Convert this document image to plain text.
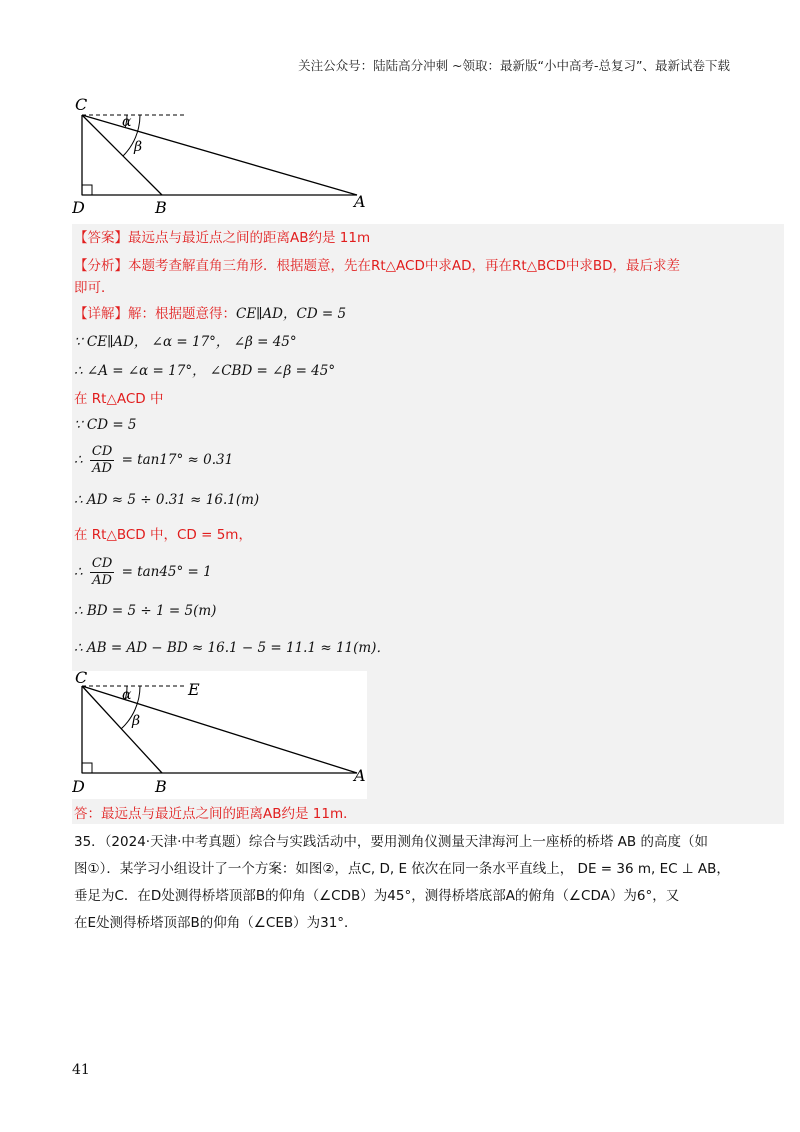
关注公众号：陆陆高分冲刺 ~领取：最新版“小中高考-总复习”、最新试卷下载
C
D	B	A
α
β
【答案】最远点与最近点之间的距离AB约是 11m
【分析】本题考查解直角三角形．根据题意，先在Rt△ACD中求AD，再在Rt△BCD中求BD，最后求差
即可．
【详解】解：根据题意得：CE∥AD，CD = 5
∵ CE∥AD， ∠α = 17°， ∠β = 45°
∴ ∠A = ∠α = 17°， ∠CBD = ∠β = 45°
在 Rt△ACD 中
∵ CD = 5
∴ $\frac{CD}{AD} = \tan 17^\circ \approx 0.31$
∴ AD ≈ 5 ÷ 0.31 ≈ 16.1(m)
在 Rt△BCD 中，CD = 5m，
∴ $\frac{CD}{AD} = \tan 45^\circ = 1$
∴ BD = 5 ÷ 1 = 5(m)
∴ AB = AD − BD ≈ 16.1 − 5 = 11.1 ≈ 11(m)．
C
E
D	B
A
α
β
答：最远点与最近点之间的距离AB约是 11m．
35．（2024·天津·中考真题）综合与实践活动中，要用测角仪测量天津海河上一座桥的桥塔 AB 的高度（如
图①）．某学习小组设计了一个方案：如图②，点C, D, E 依次在同一条水平直线上， DE = 36 m, EC ⊥ AB，
垂足为C．在D处测得桥塔顶部B的仰角（∠CDB）为45°，测得桥塔底部A的俯角（∠CDA）为6°，又
在E处测得桥塔顶部B的仰角（∠CEB）为31°．
41
